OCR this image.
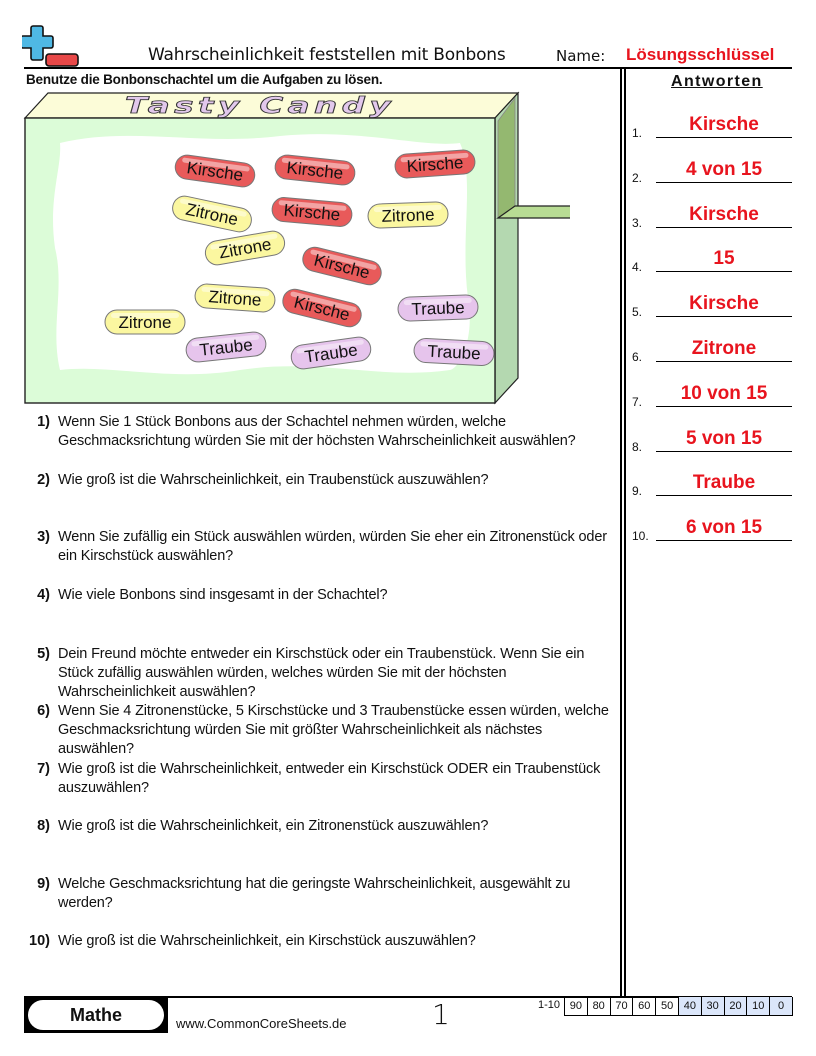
Wahrscheinlichkeit feststellen mit Bonbons	Name: Lösungsschlüssel
Benutze die Bonbonschachtel um die Aufgaben zu lösen.
Tasty Candy
Kirsche Kirsche	Kirsche
Zitrone	Kirsche Zitrone
Zitrone
Kirsche
Zitrone Kirsche	Traube
Zitrone
Traube	Traube	Traube
1) Wenn Sie 1 Stück Bonbons aus der Schachtel nehmen würden, welche Geschmacksrichtung würden Sie mit der höchsten Wahrscheinlichkeit auswählen?
2) Wie groß ist die Wahrscheinlichkeit, ein Traubenstück auszuwählen?
3) Wenn Sie zufällig ein Stück auswählen würden, würden Sie eher ein Zitronenstück oder ein Kirschstück auswählen?
4) Wie viele Bonbons sind insgesamt in der Schachtel?
5) Dein Freund möchte entweder ein Kirschstück oder ein Traubenstück. Wenn Sie ein Stück zufällig auswählen würden, welches würden Sie mit der höchsten Wahrscheinlichkeit auswählen?
6) Wenn Sie 4 Zitronenstücke, 5 Kirschstücke und 3 Traubenstücke essen würden, welche Geschmacksrichtung würden Sie mit größter Wahrscheinlichkeit als nächstes auswählen?
7) Wie groß ist die Wahrscheinlichkeit, entweder ein Kirschstück ODER ein Traubenstück auszuwählen?
8) Wie groß ist die Wahrscheinlichkeit, ein Zitronenstück auszuwählen?
9) Welche Geschmacksrichtung hat die geringste Wahrscheinlichkeit, ausgewählt zu werden?
10) Wie groß ist die Wahrscheinlichkeit, ein Kirschstück auszuwählen?
Antworten
1.	Kirsche
2.	4 von 15
3.	Kirsche
4.	15
5.	Kirsche
6.	Zitrone
7.	10 von 15
8.	5 von 15
9.	Traube
10.	6 von 15
Mathe	www.CommonCoreSheets.de	1	1-10 90 80 70 60 50 40 30 20 10	0
